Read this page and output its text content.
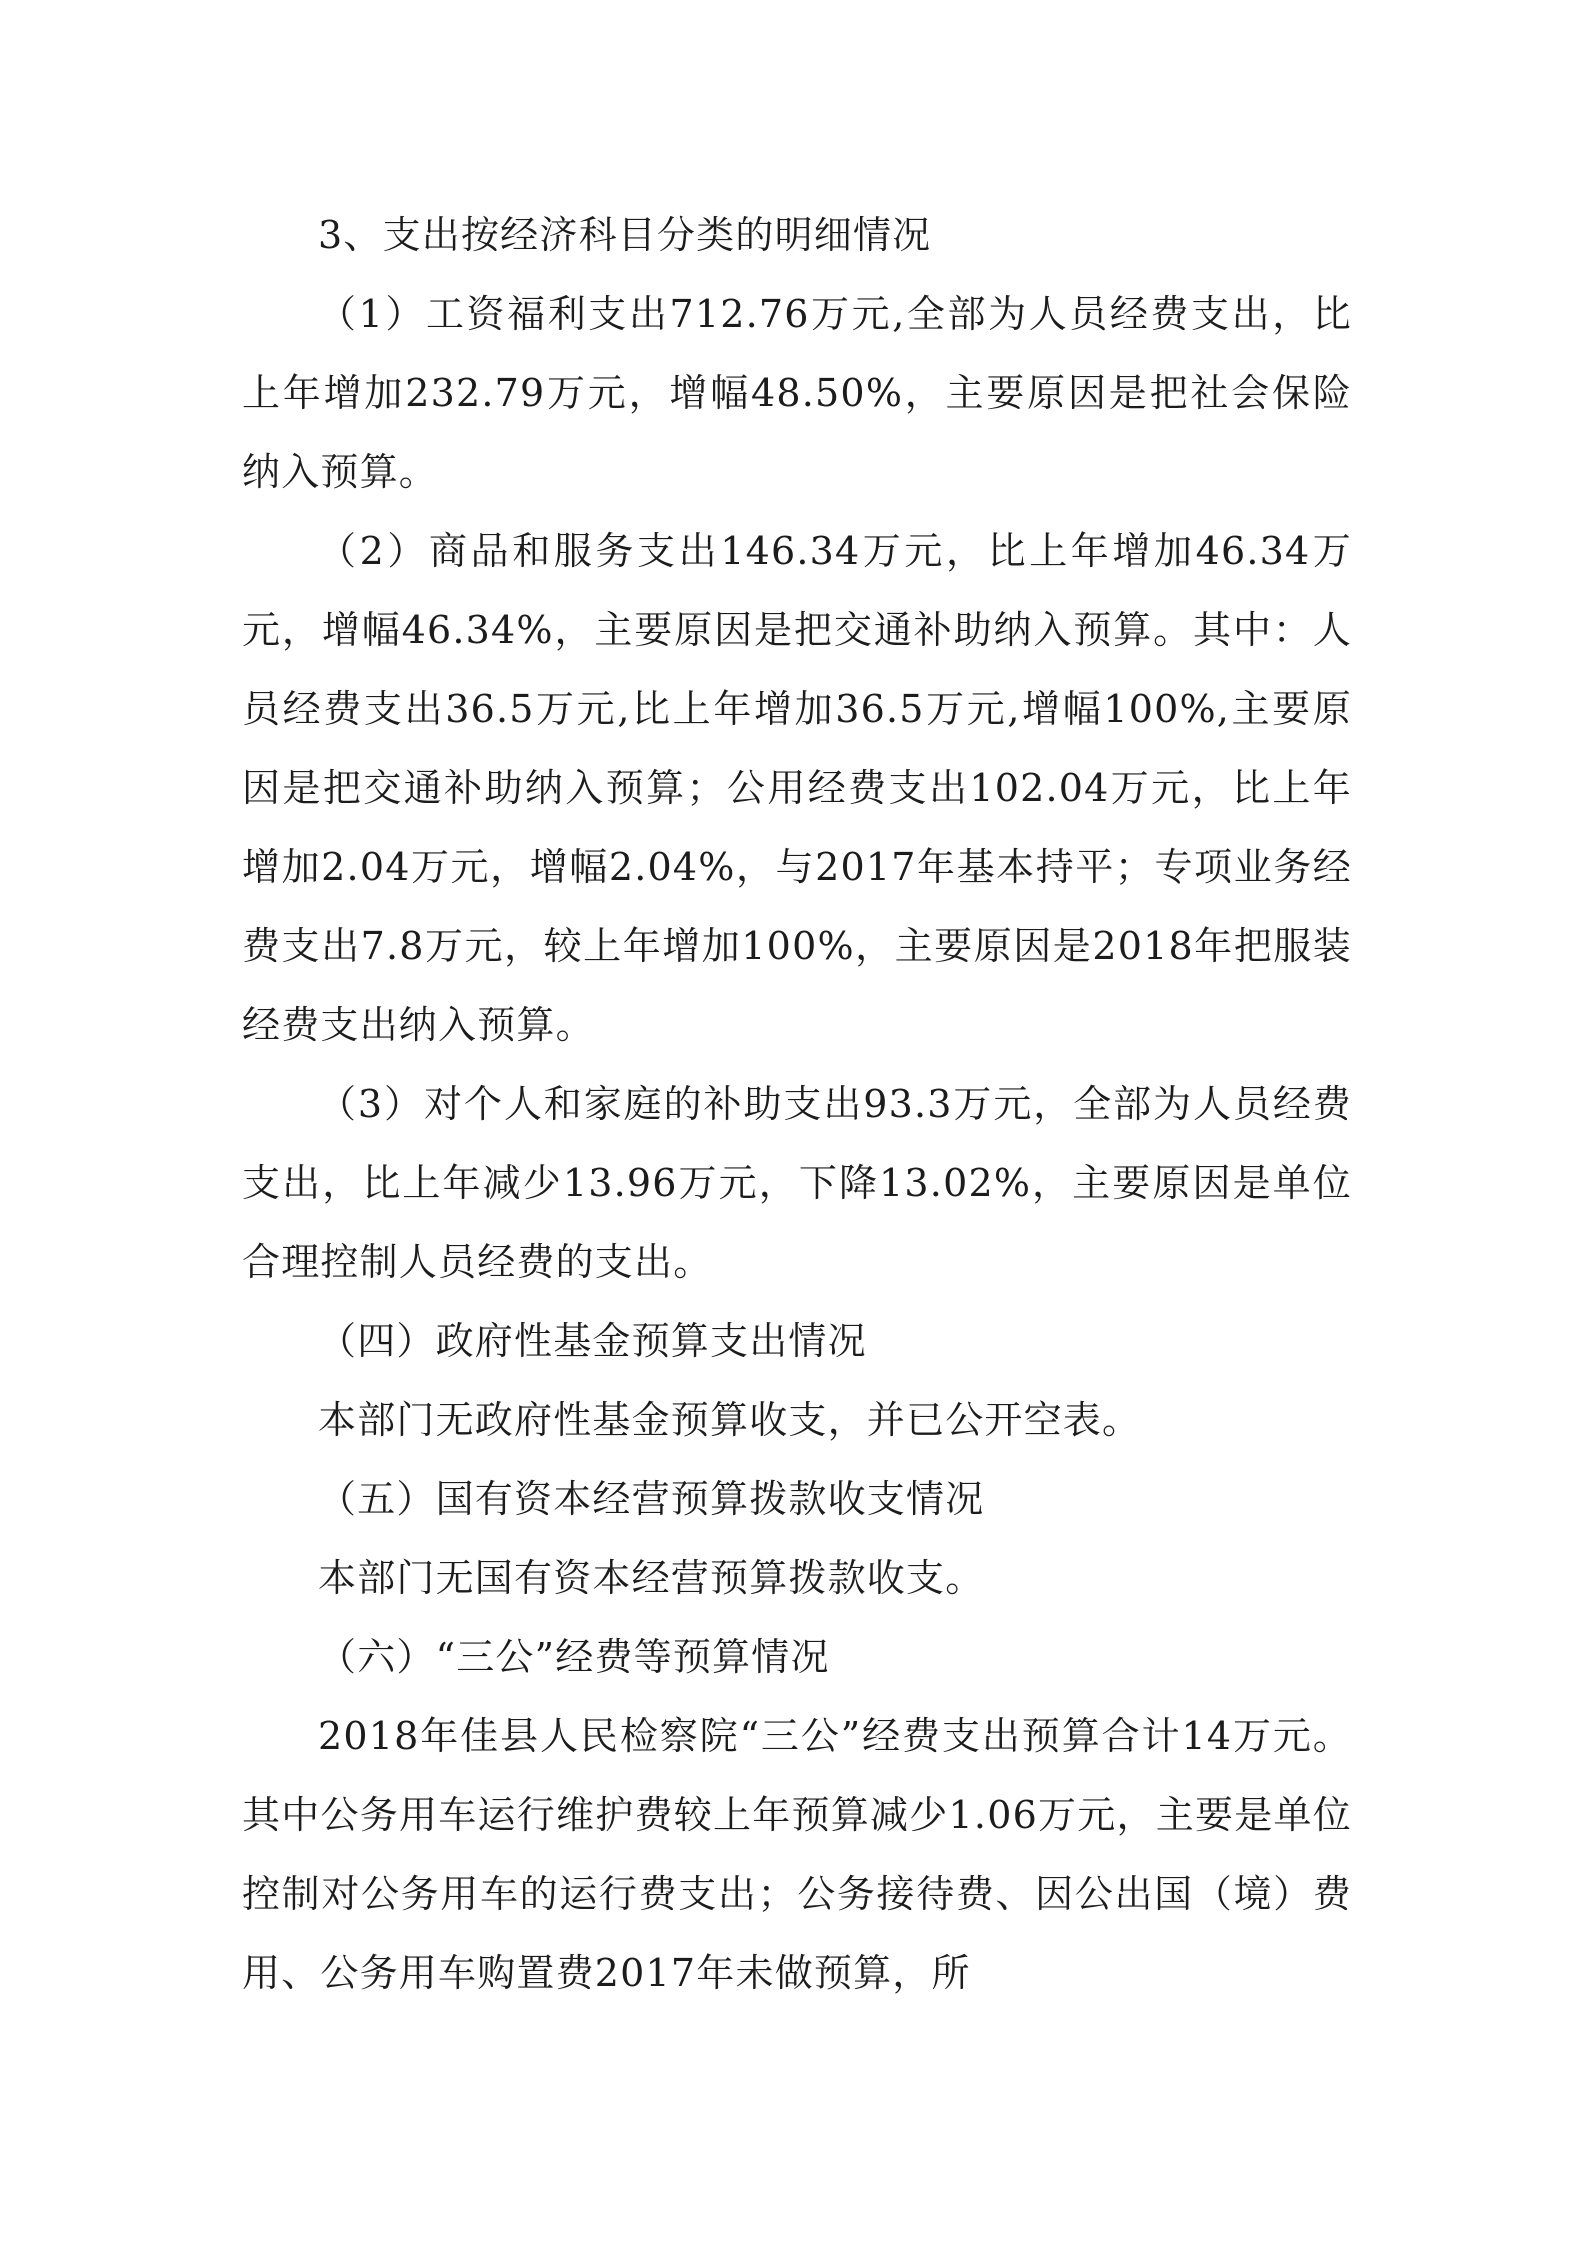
3、支出按经济科目分类的明细情况

（1）工资福利支出712.76万元,全部为人员经费支出，比上年增加232.79万元，增幅48.50%，主要原因是把社会保险纳入预算。

（2）商品和服务支出146.34万元，比上年增加46.34万元，增幅46.34%，主要原因是把交通补助纳入预算。其中：人员经费支出36.5万元,比上年增加36.5万元,增幅100%,主要原因是把交通补助纳入预算；公用经费支出102.04万元，比上年增加2.04万元，增幅2.04%，与2017年基本持平；专项业务经费支出7.8万元，较上年增加100%，主要原因是2018年把服装经费支出纳入预算。

（3）对个人和家庭的补助支出93.3万元，全部为人员经费支出，比上年减少13.96万元，下降13.02%，主要原因是单位合理控制人员经费的支出。

（四）政府性基金预算支出情况

本部门无政府性基金预算收支，并已公开空表。

（五）国有资本经营预算拨款收支情况

本部门无国有资本经营预算拨款收支。

（六）“三公”经费等预算情况

2018年佳县人民检察院“三公”经费支出预算合计14万元。其中公务用车运行维护费较上年预算减少1.06万元，主要是单位控制对公务用车的运行费支出；公务接待费、因公出国（境）费用、公务用车购置费2017年未做预算，所
